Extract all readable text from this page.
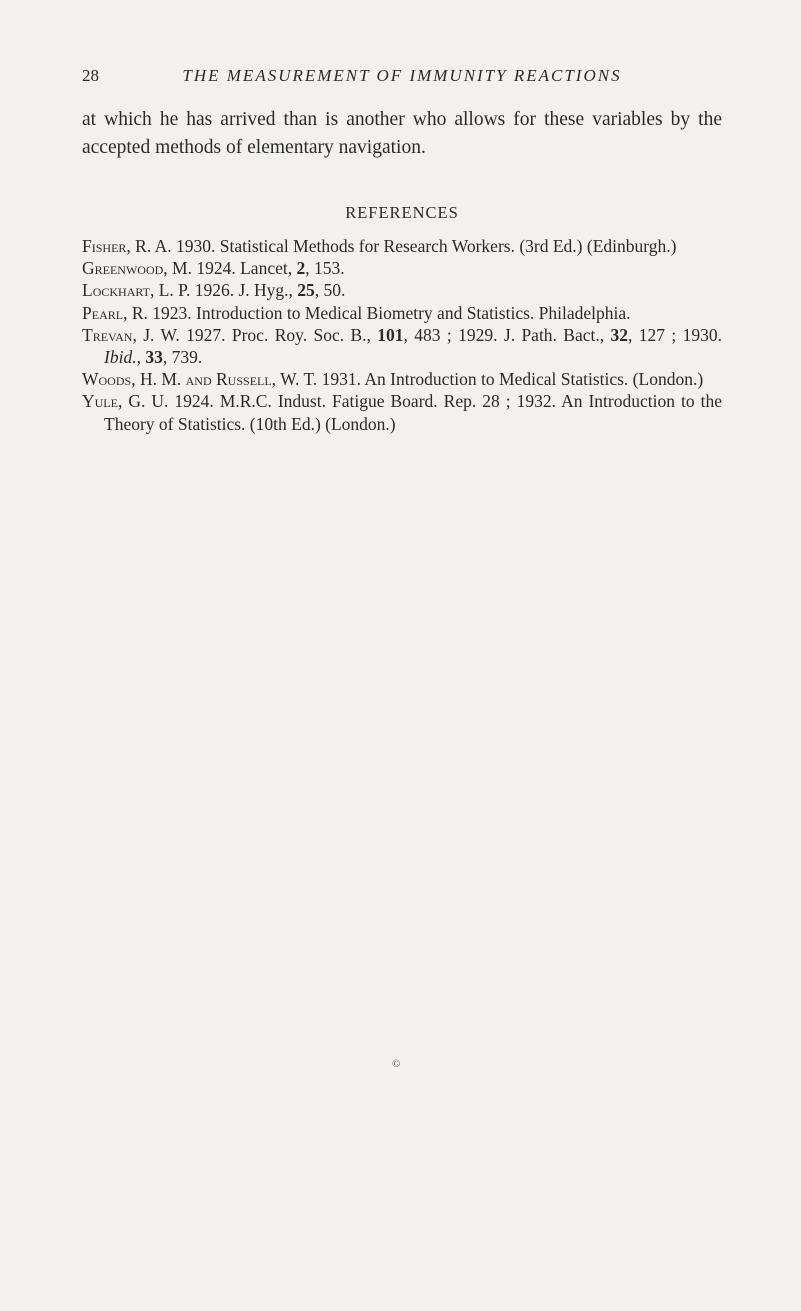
28	THE MEASUREMENT OF IMMUNITY REACTIONS

at which he has arrived than is another who allows for these variables by the accepted methods of elementary navigation.

REFERENCES
Fisher, R. A. 1930. Statistical Methods for Research Workers. (3rd Ed.) (Edinburgh.)
Greenwood, M. 1924. Lancet, 2, 153.
Lockhart, L. P. 1926. J. Hyg., 25, 50.
Pearl, R. 1923. Introduction to Medical Biometry and Statistics. Philadelphia.
Trevan, J. W. 1927. Proc. Roy. Soc. B., 101, 483 ; 1929. J. Path. Bact., 32, 127 ; 1930. Ibid., 33, 739.
Woods, H. M. and Russell, W. T. 1931. An Introduction to Medical Statistics. (London.)
Yule, G. U. 1924. M.R.C. Indust. Fatigue Board. Rep. 28 ; 1932. An Introduction to the Theory of Statistics. (10th Ed.) (London.)
©
